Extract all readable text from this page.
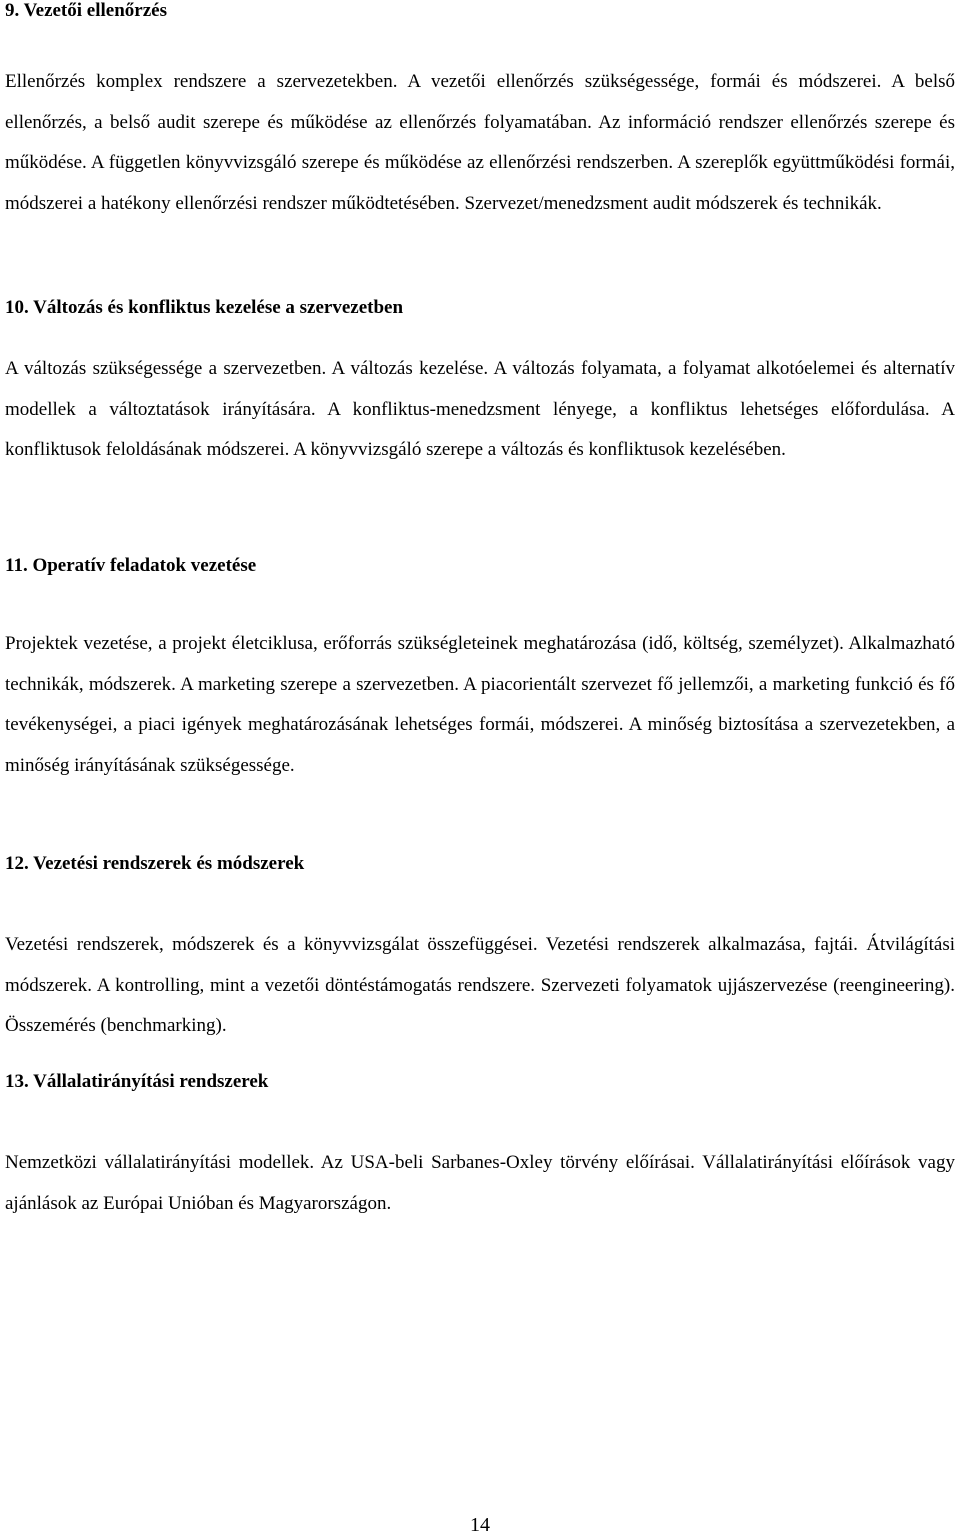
9. Vezetői ellenőrzés

Ellenőrzés komplex rendszere a szervezetekben. A vezetői ellenőrzés szükségessége, formái és módszerei. A belső ellenőrzés, a belső audit szerepe és működése az ellenőrzés folyamatában. Az információ rendszer ellenőrzés szerepe és működése. A független könyvvizsgáló szerepe és működése az ellenőrzési rendszerben. A szereplők együttműködési formái, módszerei a hatékony ellenőrzési rendszer működtetésében. Szervezet/menedzsment audit módszerek és technikák.

10. Változás és konfliktus kezelése a szervezetben

A változás szükségessége a szervezetben. A változás kezelése. A változás folyamata, a folyamat alkotóelemei és alternatív modellek a változtatások irányítására. A konfliktus-menedzsment lényege, a konfliktus lehetséges előfordulása. A konfliktusok feloldásának módszerei. A könyvvizsgáló szerepe a változás és konfliktusok kezelésében.

11. Operatív feladatok vezetése

Projektek vezetése, a projekt életciklusa, erőforrás szükségleteinek meghatározása (idő, költség, személyzet). Alkalmazható technikák, módszerek. A marketing szerepe a szervezetben. A piacorientált szervezet fő jellemzői, a marketing funkció és fő tevékenységei, a piaci igények meghatározásának lehetséges formái, módszerei. A minőség biztosítása a szervezetekben, a minőség irányításának szükségessége.

12. Vezetési rendszerek és módszerek

Vezetési rendszerek, módszerek és a könyvvizsgálat összefüggései. Vezetési rendszerek alkalmazása, fajtái. Átvilágítási módszerek. A kontrolling, mint a vezetői döntéstámogatás rendszere. Szervezeti folyamatok ujjászervezése (reengineering). Összemérés (benchmarking).

13. Vállalatirányítási rendszerek

Nemzetközi vállalatirányítási modellek. Az USA-beli Sarbanes-Oxley törvény előírásai. Vállalatirányítási előírások vagy ajánlások az Európai Unióban és Magyarországon.

14
